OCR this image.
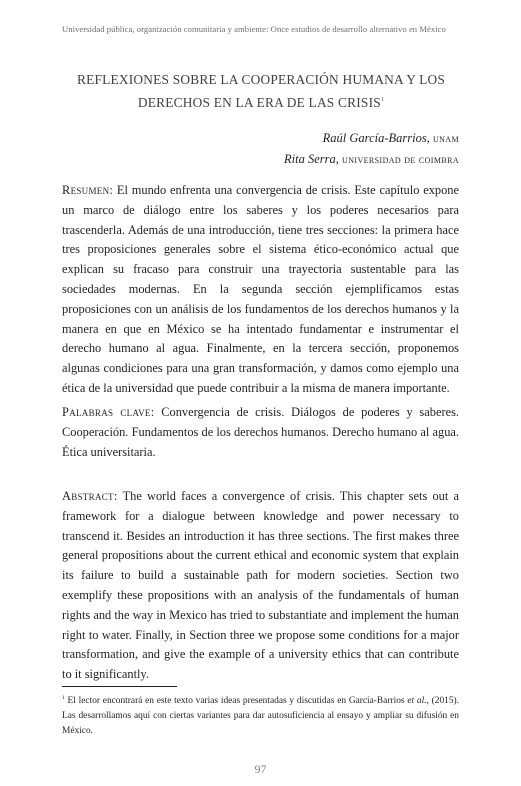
Universidad pública, organización comunitaria y ambiente: Once estudios de desarrollo alternativo en México
REFLEXIONES SOBRE LA COOPERACIÓN HUMANA Y LOS
DERECHOS EN LA ERA DE LAS CRISIS$^1$
Raúl García-Barrios, unam
Rita Serra, universidad de coimbra
Resumen: El mundo enfrenta una convergencia de crisis. Este capítulo expone un marco de diálogo entre los saberes y los poderes necesarios para trascenderla. Además de una introducción, tiene tres secciones: la primera hace tres proposiciones generales sobre el sistema ético-económico actual que explican su fracaso para construir una trayectoria sustentable para las sociedades modernas. En la segunda sección ejemplificamos estas proposiciones con un análisis de los fundamentos de los derechos humanos y la manera en que en México se ha intentado fundamentar e instrumentar el derecho humano al agua. Finalmente, en la tercera sección, proponemos algunas condiciones para una gran transformación, y damos como ejemplo una ética de la universidad que puede contribuir a la misma de manera importante.
Palabras clave: Convergencia de crisis. Diálogos de poderes y saberes. Cooperación. Fundamentos de los derechos humanos. Derecho humano al agua. Ética universitaria.
Abstract: The world faces a convergence of crisis. This chapter sets out a framework for a dialogue between knowledge and power necessary to transcend it. Besides an introduction it has three sections. The first makes three general propositions about the current ethical and economic system that explain its failure to build a sustainable path for modern societies. Section two exemplify these propositions with an analysis of the fundamentals of human rights and the way in Mexico has tried to substantiate and implement the human right to water. Finally, in Section three we propose some conditions for a major transformation, and give the example of a university ethics that can contribute to it significantly.
$^1$ El lector encontrará en este texto varias ideas presentadas y discutidas en García-Barrios et al., (2015). Las desarrollamos aquí con ciertas variantes para dar autosuficiencia al ensayo y ampliar su difusión en México.
97
